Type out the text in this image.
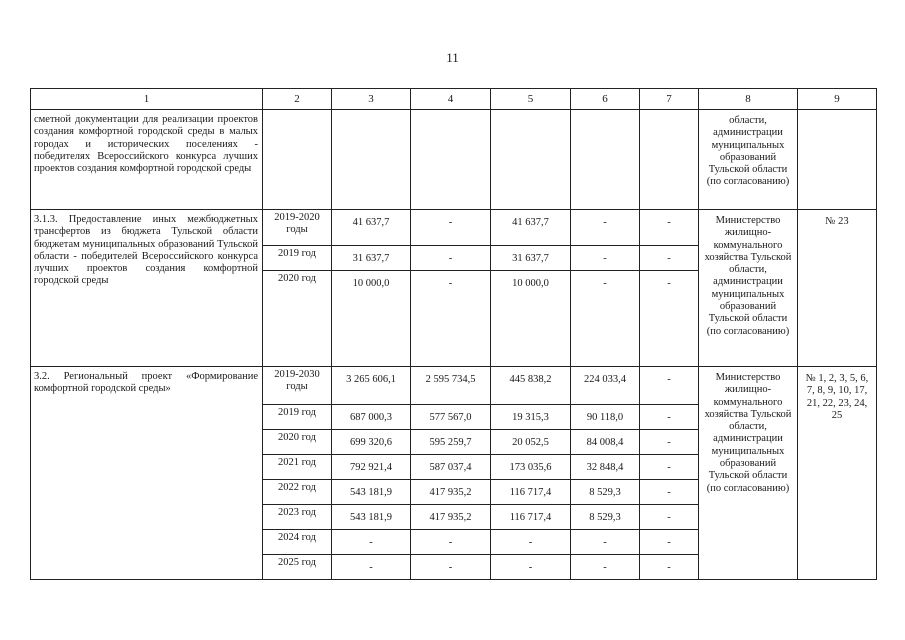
11
1	2	3	4	5	6	7	8	9
сметной документации для реализации проектов создания комфортной городской среды в малых городах и исторических поселениях - победителях Всероссийского конкурса лучших проектов создания комфортной городской среды							области, администрации муниципальных образований Тульской области (по согласованию)	
3.1.3. Предоставление иных межбюджетных трансфертов из бюджета Тульской области бюджетам муниципальных образований Тульской области - победителей Всероссийского конкурса лучших проектов создания комфортной городской среды	2019-2020 годы	41 637,7	-	41 637,7	-	-	Министерство жилищно-коммунального хозяйства Тульской области, администрации муниципальных образований Тульской области (по согласованию)	№ 23
	2019 год	31 637,7	-	31 637,7	-	-		
	2020 год	10 000,0	-	10 000,0	-	-		
3.2. Региональный проект «Формирование комфортной городской среды»	2019-2030 годы	3 265 606,1	2 595 734,5	445 838,2	224 033,4	-	Министерство жилищно-коммунального хозяйства Тульской области, администрации муниципальных образований Тульской области (по согласованию)	№ 1, 2, 3, 5, 6, 7, 8, 9, 10, 17, 21, 22, 23, 24, 25
	2019 год	687 000,3	577 567,0	19 315,3	90 118,0	-		
	2020 год	699 320,6	595 259,7	20 052,5	84 008,4	-		
	2021 год	792 921,4	587 037,4	173 035,6	32 848,4	-		
	2022 год	543 181,9	417 935,2	116 717,4	8 529,3	-		
	2023 год	543 181,9	417 935,2	116 717,4	8 529,3	-		
	2024 год	-	-	-	-	-		
	2025 год	-	-	-	-	-		
